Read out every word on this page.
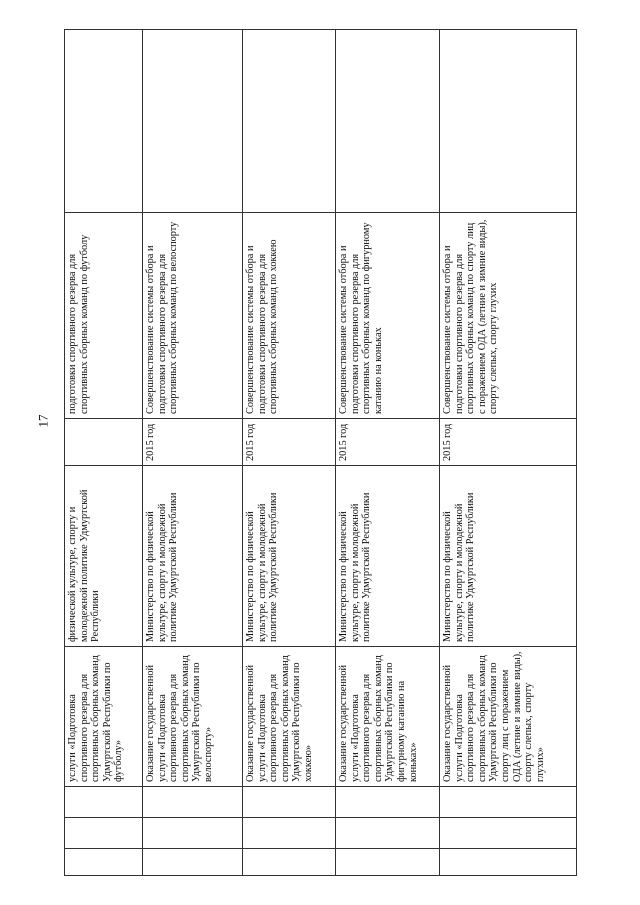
17
			услуги «Подготовка спортивного резерва для спортивных сборных команд Удмуртской Республики по футболу»	физической культуре, спорту и молодежной политике Удмуртской Республики		подготовки спортивного резерва для спортивных сборных команд по футболу	
			Оказание государственной услуги «Подготовка спортивного резерва для спортивных сборных команд Удмуртской Республики по велоспорту»	Министерство по физической культуре, спорту и молодежной политике Удмуртской Республики	2015 год	Совершенствование системы отбора и подготовки спортивного резерва для спортивных сборных команд по велоспорту	
			Оказание государственной услуги «Подготовка спортивного резерва для спортивных сборных команд Удмуртской Республики по хоккею»	Министерство по физической культуре, спорту и молодежной политике Удмуртской Республики	2015 год	Совершенствование системы отбора и подготовки спортивного резерва для спортивных сборных команд по хоккею	
			Оказание государственной услуги «Подготовка спортивного резерва для спортивных сборных команд Удмуртской Республики по фигурному катанию на коньках»	Министерство по физической культуре, спорту и молодежной политике Удмуртской Республики	2015 год	Совершенствование системы отбора и подготовки спортивного резерва для спортивных сборных команд по фигурному катанию на коньках	
			Оказание государственной услуги «Подготовка спортивного резерва для спортивных сборных команд Удмуртской Республики по спорту лиц с поражением ОДА (летние и зимние виды), спорту слепых, спорту глухих»	Министерство по физической культуре, спорту и молодежной политике Удмуртской Республики	2015 год	Совершенствование системы отбора и подготовки спортивного резерва для спортивных сборных команд по спорту лиц с поражением ОДА (летние и зимние виды), спорту слепых, спорту глухих	
